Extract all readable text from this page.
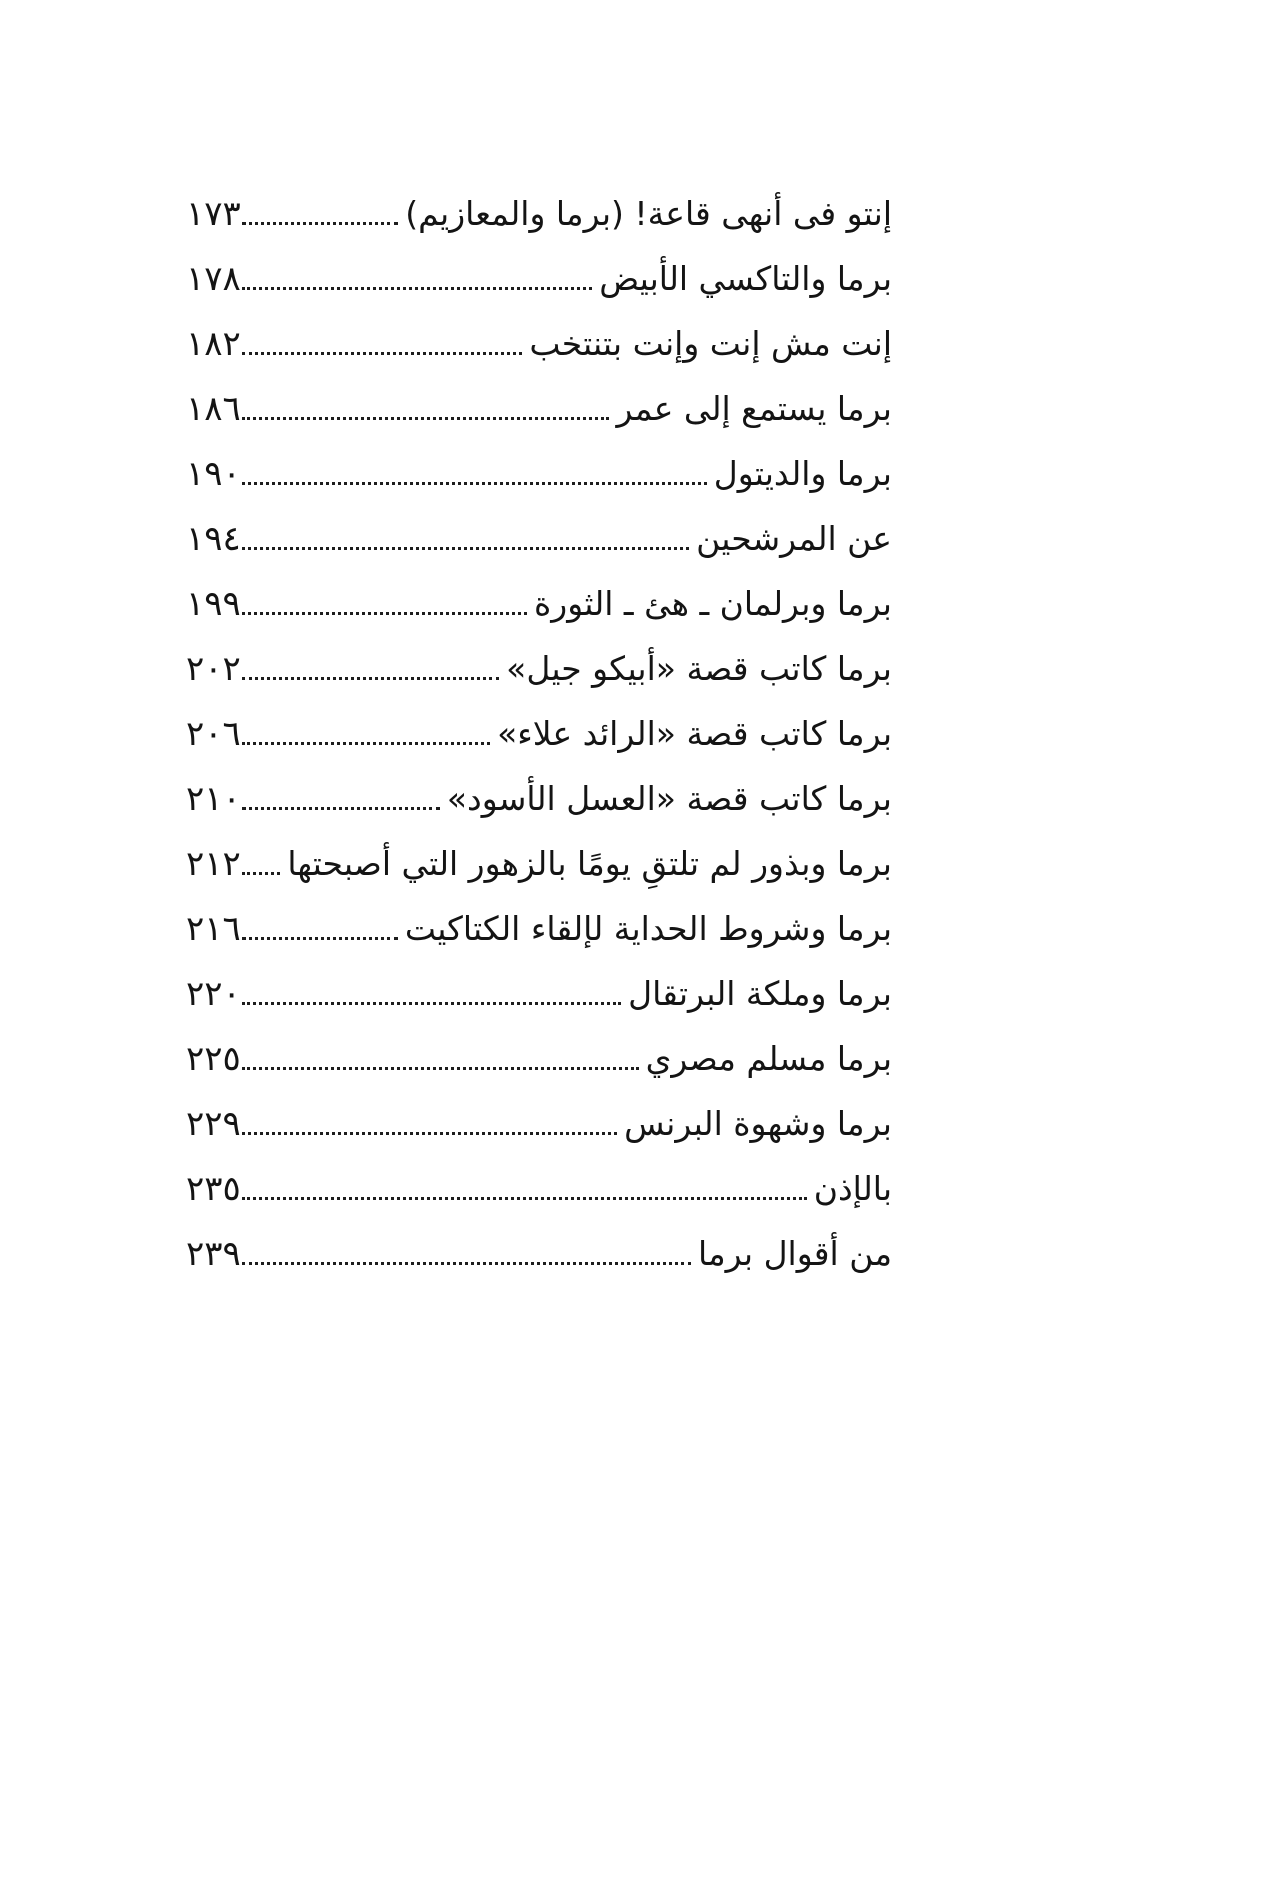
إنتو فى أنهى قاعة! (برما والمعازيم)
١٧٣
برما والتاكسي الأبيض
١٧٨
إنت مش إنت وإنت بتنتخب
١٨٢
برما يستمع إلى عمر
١٨٦
برما والديتول
١٩٠
عن المرشحين
١٩٤
برما وبرلمان ـ هئ ـ الثورة
١٩٩
برما كاتب قصة «أبيكو جيل»
٢٠٢
برما كاتب قصة «الرائد علاء»
٢٠٦
برما كاتب قصة «العسل الأسود»
٢١٠
برما وبذور لم تلتقِ يومًا بالزهور التي أصبحتها
٢١٢
برما وشروط الحداية لإلقاء الكتاكيت
٢١٦
برما وملكة البرتقال
٢٢٠
برما مسلم مصري
٢٢٥
برما وشهوة البرنس
٢٢٩
بالإذن
٢٣٥
من أقوال برما
٢٣٩
